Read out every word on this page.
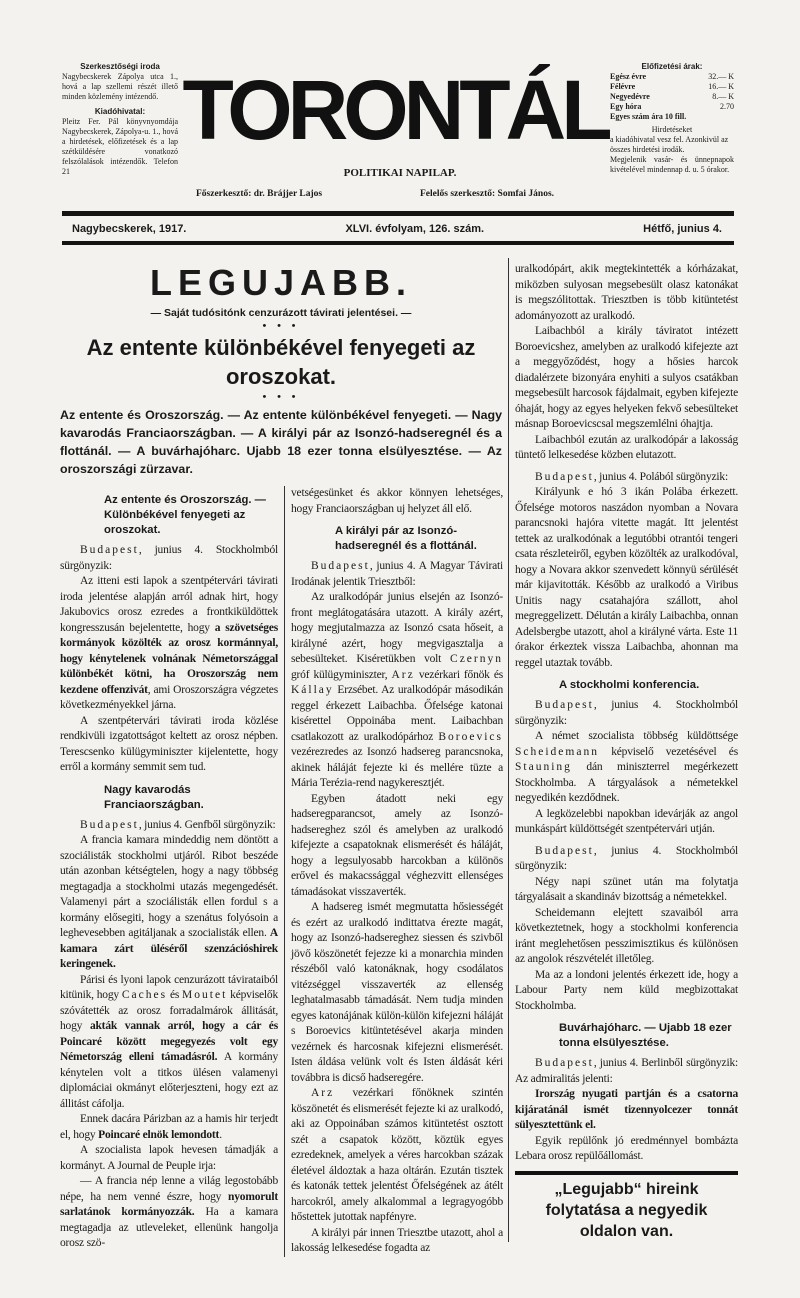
Szerkesztőségi iroda
Nagybecskerek Zápolya utca 1., hová a lap szellemi részét illető minden közlemény intézendő.
Kiadóhivatal:
Pleitz Fer. Pál könyvnyomdája Nagybecskerek, Zápolya-u. 1., hová a hirdetések, előfizetések és a lap szétküldésére vonatkozó felszólalások intézendők. Telefon 21
TORONTÁL
POLITIKAI NAPILAP.
Főszerkesztő: dr. Brájjer Lajos	Felelős szerkesztő: Somfai János.
Előfizetési árak:
Egész évre	32.— K
Félévre	16.— K
Negyedévre	8.— K
Egy hóra	2.70
Egyes szám ára 10 fill.
Hirdetéseket
a kiadóhivatal vesz fel. Azonkivül az összes hirdetési irodák.
Megjelenik vasár- és ünnepnapok kivételével mindennap d. u. 5 órakor.
Nagybecskerek, 1917.	XLVI. évfolyam, 126. szám.	Hétfő, junius 4.
LEGUJABB.
— Saját tudósitónk cenzurázott távirati jelentései. —
• • •
Az entente különbékével fenyegeti az oroszokat.
• • •
Az entente és Oroszország. — Az entente különbékével fenyegeti. — Nagy kavarodás Franciaországban. — A királyi pár az Isonzó-hadseregnél és a flottánál. — A buvárhajóharc. Ujabb 18 ezer tonna elsülyesztése. — Az oroszországi zürzavar.
Az entente és Oroszország. — Különbékével fenyegeti az oroszokat.

Budapest, junius 4. Stockholmból sürgönyzik:

Az itteni esti lapok a szentpétervári távirati iroda jelentése alapján arról adnak hirt, hogy Jakubovics orosz ezredes a frontkiküldöttek kongresszusán bejelentette, hogy a szövetséges kormányok közölték az orosz kormánnyal, hogy kénytelenek volnának Németországgal különbékét kötni, ha Oroszország nem kezdene offenzivát, ami Oroszországra végzetes következményekkel járna.

A szentpétervári távirati iroda közlése rendkivüli izgatottságot keltett az orosz népben. Terescsenko külügyminiszter kijelentette, hogy erről a kormány semmit sem tud.

Nagy kavarodás Franciaországban.

Budapest, junius 4. Genfből sürgönyzik:

A francia kamara mindeddig nem döntött a szociálisták stockholmi utjáról. Ribot beszéde után azonban kétségtelen, hogy a nagy többség megtagadja a stockholmi utazás megengedését. Valamenyi párt a szociálisták ellen fordul s a kormány elősegiti, hogy a szenátus folyósoin a leghevesebben agitáljanak a szocialisták ellen. A kamara zárt üléséről szenzációshirek keringenek.

Párisi és lyoni lapok cenzurázott távirataiból kitünik, hogy Caches és Moutet képviselők szóvátették az orosz forradalmárok állitását, hogy akták vannak arról, hogy a cár és Poincaré között megegyezés volt egy Németország elleni támadásról. A kormány kénytelen volt a titkos ülésen valamenyi diplomáciai okmányt előterjeszteni, hogy ezt az állitást cáfolja.

Ennek dacára Párizban az a hamis hir terjedt el, hogy Poincaré elnök lemondott.

A szocialista lapok hevesen támadják a kormányt. A Journal de Peuple irja:

— A francia nép lenne a világ legostobább népe, ha nem venné észre, hogy nyomorult sarlatánok kormányozzák. Ha a kamara megtagadja az utleveleket, ellenünk hangolja orosz szö-

vetségesünket és akkor könnyen lehetséges, hogy Franciaországban uj helyzet áll elő.

A királyi pár az Isonzó-hadseregnél és a flottánál.

Budapest, junius 4. A Magyar Távirati Irodának jelentik Triesztből:

Az uralkodópár junius elsején az Isonzó-front meglátogatására utazott. A király azért, hogy megjutalmazza az Isonzó csata hőseit, a királyné azért, hogy megvigasztalja a sebesülteket. Kiséretükben volt Czernyn gróf külügyminiszter, Arz vezérkari főnök és Kállay Erzsébet. Az uralkodópár másodikán reggel érkezett Laibachba. Őfelsége katonai kisérettel Oppoinába ment. Laibachban csatlakozott az uralkodópárhoz Boroevics vezérezredes az Isonzó hadsereg parancsnoka, akinek háláját fejezte ki és mellére tüzte a Mária Terézia-rend nagykeresztjét.

Egyben átadott neki egy hadseregparancsot, amely az Isonzó-hadsereghez szól és amelyben az uralkodó kifejezte a csapatoknak elismerését és háláját, hogy a legsulyosabb harcokban a különös erővel és makacssággal véghezvitt ellenséges támadásokat visszaverték.

A hadsereg ismét megmutatta hősiességét és ezért az uralkodó indittatva érezte magát, hogy az Isonzó-hadsereghez siessen és szivből jövő köszönetét fejezze ki a monarchia minden részéből való katonáknak, hogy csodálatos vitézséggel visszaverték az ellenség leghatalmasabb támadását. Nem tudja minden egyes katonájának külön-külön kifejezni háláját s Boroevics kitüntetésével akarja minden vezérnek és harcosnak kifejezni elismerését. Isten áldása velünk volt és Isten áldását kéri továbbra is dicső hadseregére.

Arz vezérkari főnöknek szintén köszönetét és elismerését fejezte ki az uralkodó, aki az Oppoinában számos kitüntetést osztott szét a csapatok között, köztük egyes ezredeknek, amelyek a véres harcokban százak életével áldoztak a haza oltárán. Ezután tisztek és katonák tettek jelentést Őfelségének az átélt harcokról, amely alkalommal a legragyogóbb hőstettek jutottak napfényre.

A királyi pár innen Triesztbe utazott, ahol a lakosság lelkesedése fogadta az

uralkodópárt, akik megtekintették a kórházakat, miközben sulyosan megsebesült olasz katonákat is megszólitottak. Triesztben is több kitüntetést adományozott az uralkodó.

Laibachból a király táviratot intézett Boroevicshez, amelyben az uralkodó kifejezte azt a meggyőződést, hogy a hősies harcok diadalérzete bizonyára enyhiti a sulyos csatákban megsebesült harcosok fájdalmait, egyben kifejezte óhaját, hogy az egyes helyeken fekvő sebesülteket másnap Boroevicscsal megszemlélni óhajtja.

Laibachból ezután az uralkodópár a lakosság tüntető lelkesedése közben elutazott.

Budapest, junius 4. Polából sürgönyzik:

Királyunk e hó 3 ikán Polába érkezett. Őfelsége motoros naszádon nyomban a Novara parancsnoki hajóra vitette magát. Itt jelentést tettek az uralkodónak a legutóbbi otrantói tengeri csata részleteiről, egyben közölték az uralkodóval, hogy a Novara akkor szenvedett könnyü sérülését már kijavitották. Később az uralkodó a Viribus Unitis nagy csatahajóra szállott, ahol megreggelizett. Délután a király Laibachba, onnan Adelsbergbe utazott, ahol a királyné várta. Este 11 órakor érkeztek vissza Laibachba, ahonnan ma reggel utaztak tovább.

A stockholmi konferencia.

Budapest, junius 4. Stockholmból sürgönyzik:

A német szocialista többség küldöttsége Scheidemann képviselő vezetésével és Stauning dán miniszterrel megérkezett Stockholmba. A tárgyalások a németekkel negyedikén kezdődnek.

A legközelebbi napokban idevárják az angol munkáspárt küldöttségét szentpétervári utján.

Budapest, junius 4. Stockholmból sürgönyzik:

Négy napi szünet után ma folytatja tárgyalásait a skandináv bizottság a németekkel.

Scheidemann elejtett szavaiból arra következtetnek, hogy a stockholmi konferencia iránt meglehetősen pesszimisztikus és különösen az angolok részvételét illetőleg.

Ma az a londoni jelentés érkezett ide, hogy a Labour Party nem küld megbizottakat Stockholmba.

Buvárhajóharc. — Ujabb 18 ezer tonna elsülyesztése.

Budapest, junius 4. Berlinből sürgönyzik: Az admiralitás jelenti:

Irország nyugati partján és a csatorna kijáratánál ismét tizennyolcezer tonnát sülyesztettünk el.

Egyik repülőnk jó eredménnyel bombázta Lebara orosz repülőállomást.

„Legujabb“ hireink folytatása a negyedik oldalon van.
